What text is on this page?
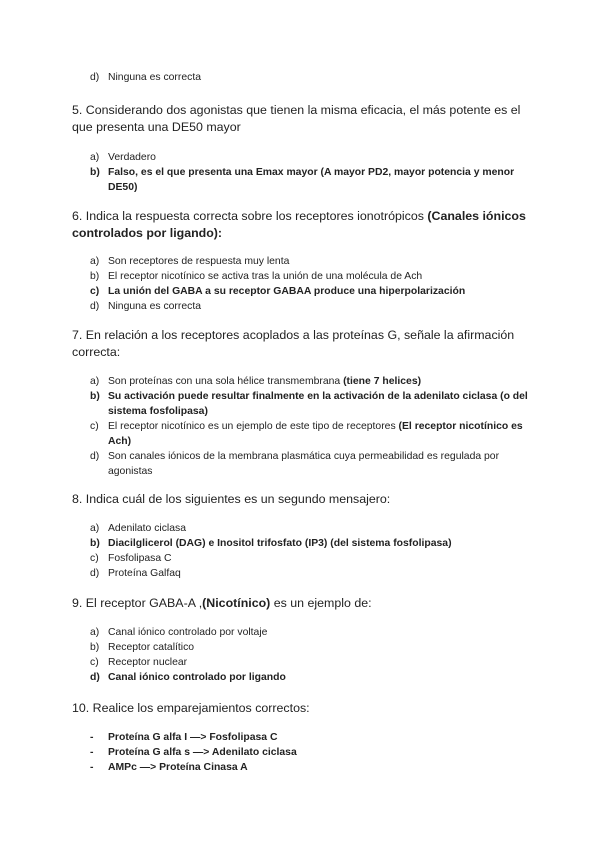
d) Ninguna es correcta
5. Considerando dos agonistas que tienen la misma eficacia, el más potente es el que presenta una DE50 mayor
a) Verdadero
b) Falso, es el que presenta una Emax mayor (A mayor PD2, mayor potencia y menor DE50)
6. Indica la respuesta correcta sobre los receptores ionotrópicos (Canales iónicos controlados por ligando):
a) Son receptores de respuesta muy lenta
b) El receptor nicotínico se activa tras la unión de una molécula de Ach
c) La unión del GABA a su receptor GABAA produce una hiperpolarización
d) Ninguna es correcta
7. En relación a los receptores acoplados a las proteínas G, señale la afirmación correcta:
a) Son proteínas con una sola hélice transmembrana (tiene 7 helices)
b) Su activación puede resultar finalmente en la activación de la adenilato ciclasa (o del sistema fosfolipasa)
c) El receptor nicotínico es un ejemplo de este tipo de receptores (El receptor nicotínico es Ach)
d) Son canales iónicos de la membrana plasmática cuya permeabilidad es regulada por agonistas
8. Indica cuál de los siguientes es un segundo mensajero:
a) Adenilato ciclasa
b) Diacilglicerol (DAG) e Inositol trifosfato (IP3) (del sistema fosfolipasa)
c) Fosfolipasa C
d) Proteína Galfaq
9. El receptor GABA-A ,(Nicotínico) es un ejemplo de:
a) Canal iónico controlado por voltaje
b) Receptor catalítico
c) Receptor nuclear
d) Canal iónico controlado por ligando
10. Realice los emparejamientos correctos:
- Proteína G alfa I —> Fosfolipasa C
- Proteína G alfa s —> Adenilato ciclasa
- AMPc —> Proteína Cinasa A
